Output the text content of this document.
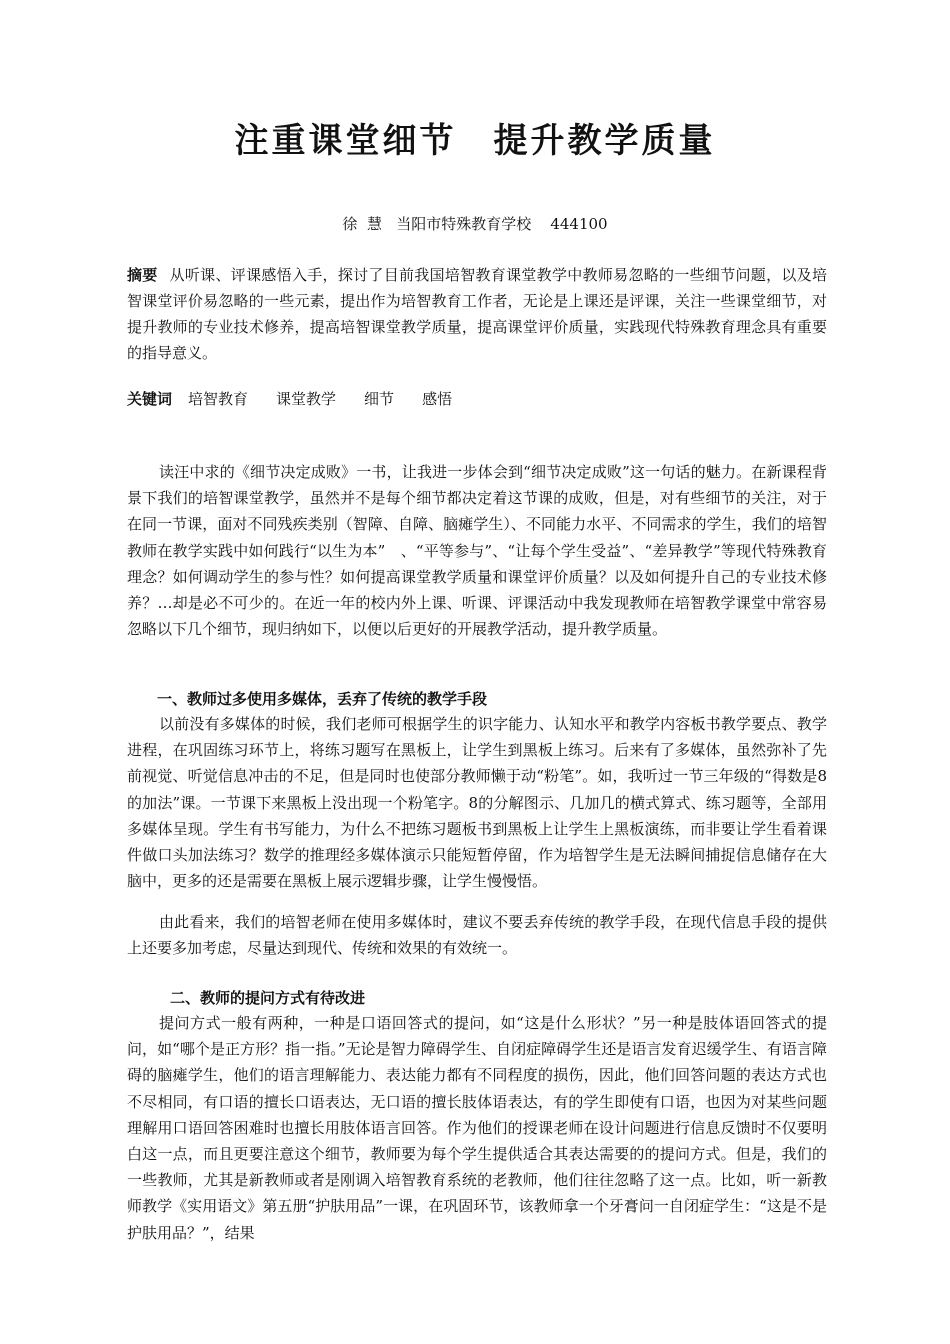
注重课堂细节　提升教学质量
徐  慧   当阳市特殊教育学校    444100
摘要 从听课、评课感悟入手，探讨了目前我国培智教育课堂教学中教师易忽略的一些细节问题，以及培智课堂评价易忽略的一些元素，提出作为培智教育工作者，无论是上课还是评课，关注一些课堂细节，对提升教师的专业技术修养，提高培智课堂教学质量，提高课堂评价质量，实践现代特殊教育理念具有重要的指导意义。
关键词 培智教育 课堂教学 细节 感悟

读汪中求的《细节决定成败》一书，让我进一步体会到“细节决定成败”这一句话的魅力。在新课程背景下我们的培智课堂教学，虽然并不是每个细节都决定着这节课的成败，但是，对有些细节的关注，对于在同一节课，面对不同残疾类别（智障、自障、脑瘫学生）、不同能力水平、不同需求的学生，我们的培智教师在教学实践中如何践行“以生为本”　、“平等参与”、“让每个学生受益”、“差异教学”等现代特殊教育理念？如何调动学生的参与性？如何提高课堂教学质量和课堂评价质量？以及如何提升自己的专业技术修养？…却是必不可少的。在近一年的校内外上课、听课、评课活动中我发现教师在培智教学课堂中常容易忽略以下几个细节，现归纳如下，以便以后更好的开展教学活动，提升教学质量。

一、教师过多使用多媒体，丢弃了传统的教学手段

以前没有多媒体的时候，我们老师可根据学生的识字能力、认知水平和教学内容板书教学要点、教学进程，在巩固练习环节上，将练习题写在黑板上，让学生到黑板上练习。后来有了多媒体，虽然弥补了先前视觉、听觉信息冲击的不足，但是同时也使部分教师懒于动“粉笔”。如，我听过一节三年级的“得数是8的加法”课。一节课下来黑板上没出现一个粉笔字。8的分解图示、几加几的横式算式、练习题等，全部用多媒体呈现。学生有书写能力，为什么不把练习题板书到黑板上让学生上黑板演练，而非要让学生看着课件做口头加法练习？数学的推理经多媒体演示只能短暂停留，作为培智学生是无法瞬间捕捉信息储存在大脑中，更多的还是需要在黑板上展示逻辑步骤，让学生慢慢悟。

由此看来，我们的培智老师在使用多媒体时，建议不要丢弃传统的教学手段，在现代信息手段的提供上还要多加考虑，尽量达到现代、传统和效果的有效统一。

二、教师的提问方式有待改进

提问方式一般有两种，一种是口语回答式的提问，如“这是什么形状？”另一种是肢体语回答式的提问，如“哪个是正方形？指一指。”无论是智力障碍学生、自闭症障碍学生还是语言发育迟缓学生、有语言障碍的脑瘫学生，他们的语言理解能力、表达能力都有不同程度的损伤，因此，他们回答问题的表达方式也不尽相同，有口语的擅长口语表达，无口语的擅长肢体语表达，有的学生即使有口语，也因为对某些问题理解用口语回答困难时也擅长用肢体语言回答。作为他们的授课老师在设计问题进行信息反馈时不仅要明白这一点，而且更要注意这个细节，教师要为每个学生提供适合其表达需要的的提问方式。但是，我们的一些教师，尤其是新教师或者是刚调入培智教育系统的老教师，他们往往忽略了这一点。比如，听一新教师教学《实用语文》第五册“护肤用品”一课，在巩固环节，该教师拿一个牙膏问一自闭症学生：“这是不是护肤用品？”，结果
